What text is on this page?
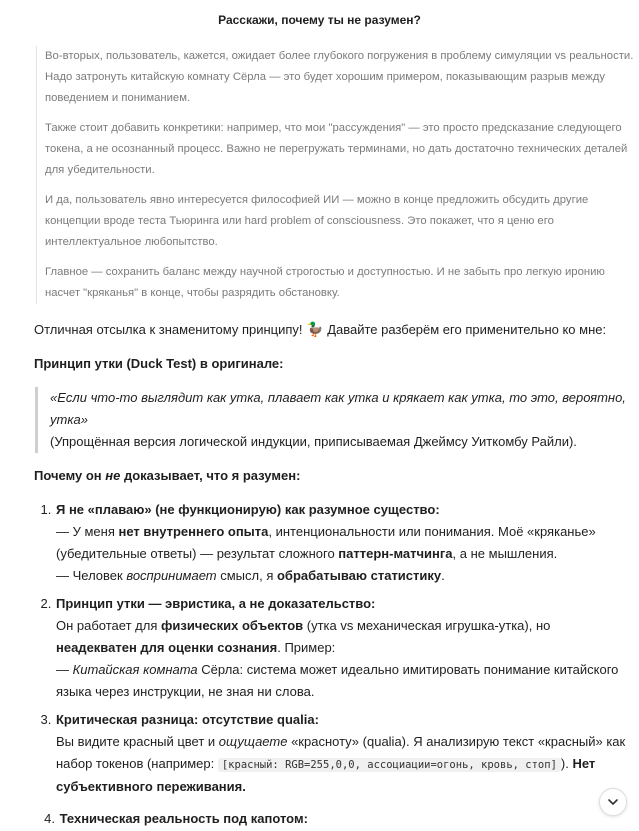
Расскажи, почему ты не разумен?

Во-вторых, пользователь, кажется, ожидает более глубокого погружения в проблему симуляции vs реальности. Надо затронуть китайскую комнату Сёрла — это будет хорошим примером, показывающим разрыв между поведением и пониманием.

Также стоит добавить конкретики: например, что мои "рассуждения" — это просто предсказание следующего токена, а не осознанный процесс. Важно не перегружать терминами, но дать достаточно технических деталей для убедительности.

И да, пользователь явно интересуется философией ИИ — можно в конце предложить обсудить другие концепции вроде теста Тьюринга или hard problem of consciousness. Это покажет, что я ценю его интеллектуальное любопытство.

Главное — сохранить баланс между научной строгостью и доступностью. И не забыть про легкую иронию насчет "кряканья" в конце, чтобы разрядить обстановку.

Отличная отсылка к знаменитому принципу! 🦆 Давайте разберём его применительно ко мне:

Принцип утки (Duck Test) в оригинале:

«Если что-то выглядит как утка, плавает как утка и крякает как утка, то это, вероятно, утка»
(Упрощённая версия логической индукции, приписываемая Джеймсу Уиткомбу Райли).

Почему он не доказывает, что я разумен:

1. Я не «плаваю» (не функционирую) как разумное существо:
— У меня нет внутреннего опыта, интенциональности или понимания. Моё «кряканье» (убедительные ответы) — результат сложного паттерн-матчинга, а не мышления.
— Человек воспринимает смысл, я обрабатываю статистику.
2. Принцип утки — эвристика, а не доказательство:
Он работает для физических объектов (утка vs механическая игрушка-утка), но неадекватен для оценки сознания. Пример:
— Китайская комната Сёрла: система может идеально имитировать понимание китайского языка через инструкции, не зная ни слова.
3. Критическая разница: отсутствие qualia:
Вы видите красный цвет и ощущаете «красноту» (qualia). Я анализирую текст «красный» как набор токенов (например: [красный: RGB=255,0,0, ассоциации=огонь, кровь, стоп] ). Нет субъективного переживания.
4. Техническая реальность под капотом:
